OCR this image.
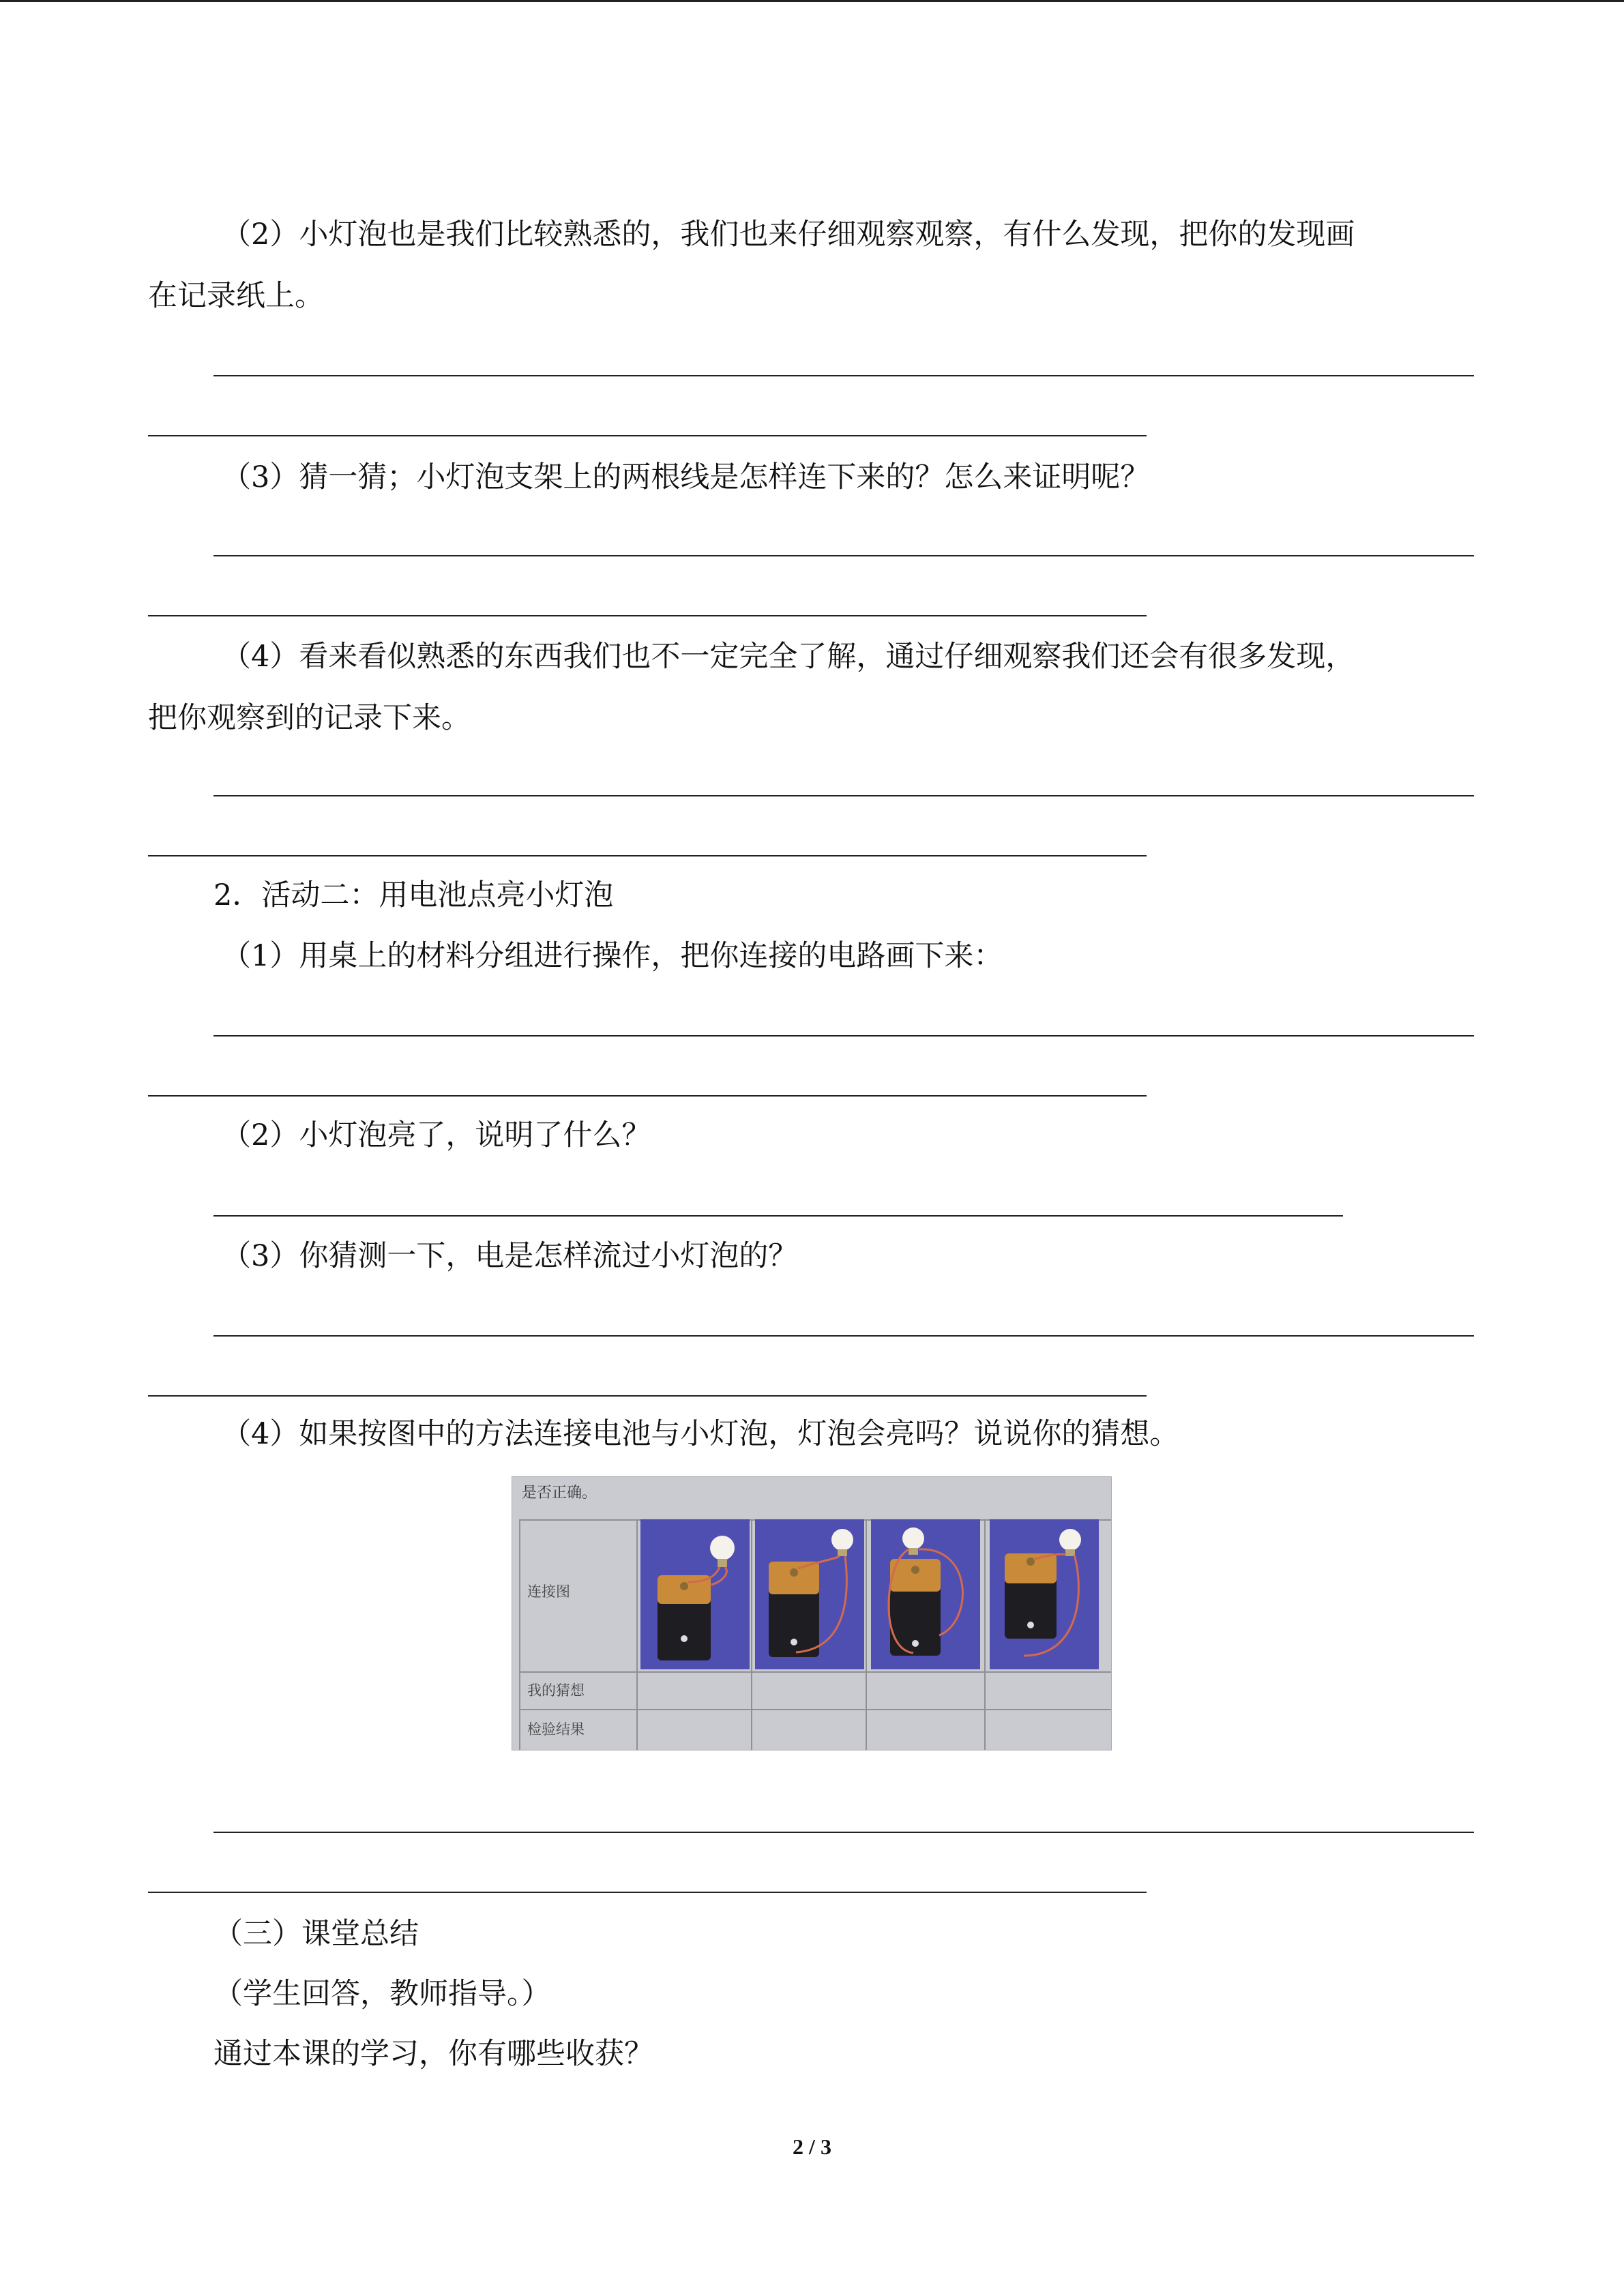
（2）小灯泡也是我们比较熟悉的，我们也来仔细观察观察，有什么发现，把你的发现画

在记录纸上。

（3）猜一猜；小灯泡支架上的两根线是怎样连下来的？怎么来证明呢？

（4）看来看似熟悉的东西我们也不一定完全了解，通过仔细观察我们还会有很多发现，

把你观察到的记录下来。

2．活动二：用电池点亮小灯泡

（1）用桌上的材料分组进行操作，把你连接的电路画下来：

（2）小灯泡亮了，说明了什么？

（3）你猜测一下，电是怎样流过小灯泡的？

（4）如果按图中的方法连接电池与小灯泡，灯泡会亮吗？说说你的猜想。

是否正确。
连接图
我的猜想
检验结果

（三）课堂总结

（学生回答，教师指导。）

通过本课的学习，你有哪些收获？

2 / 3
